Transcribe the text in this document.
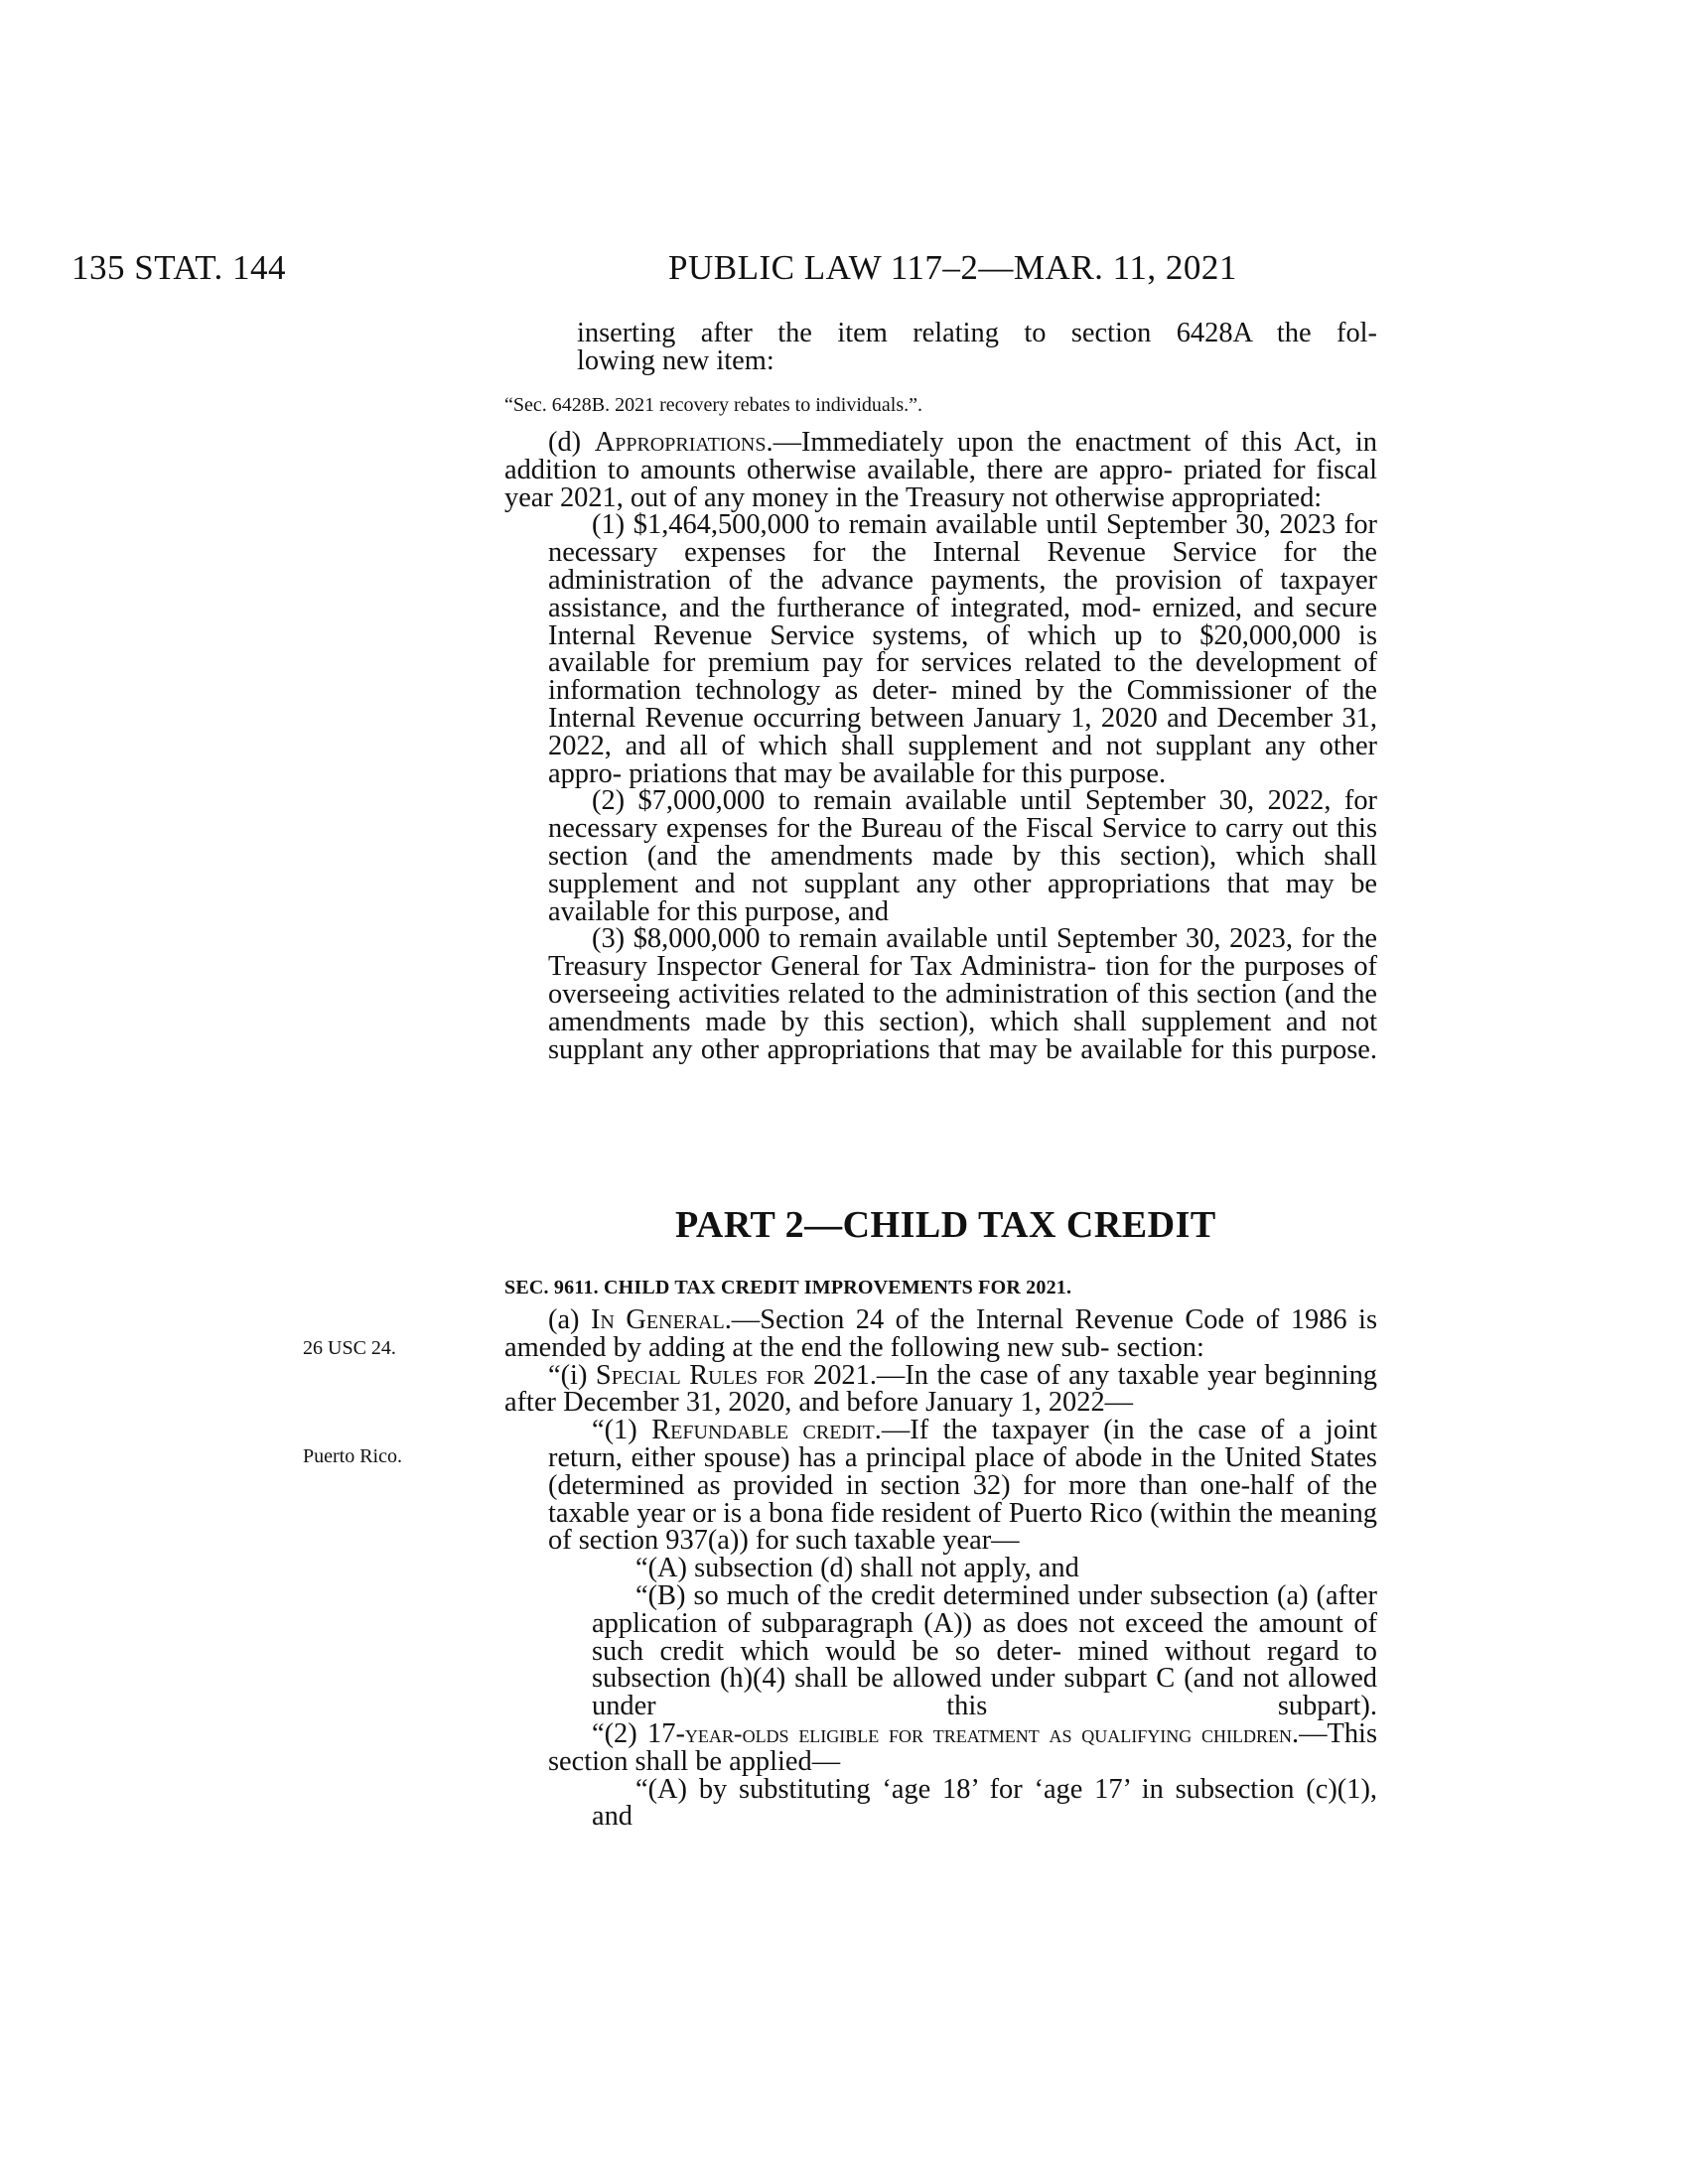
135 STAT. 144	PUBLIC LAW 117–2—MAR. 11, 2021

inserting after the item relating to section 6428A the fol-

lowing new item:

“Sec. 6428B. 2021 recovery rebates to individuals.”.

(d) Appropriations.—Immediately upon the enactment of this Act, in addition to amounts otherwise available, there are appro- priated for fiscal year 2021, out of any money in the Treasury not otherwise appropriated:

(1) $1,464,500,000 to remain available until September 30, 2023 for necessary expenses for the Internal Revenue Service for the administration of the advance payments, the provision of taxpayer assistance, and the furtherance of integrated, mod- ernized, and secure Internal Revenue Service systems, of which up to $20,000,000 is available for premium pay for services related to the development of information technology as deter- mined by the Commissioner of the Internal Revenue occurring between January 1, 2020 and December 31, 2022, and all of which shall supplement and not supplant any other appro- priations that may be available for this purpose.

(2) $7,000,000 to remain available until September 30, 2022, for necessary expenses for the Bureau of the Fiscal Service to carry out this section (and the amendments made by this section), which shall supplement and not supplant any other appropriations that may be available for this purpose, and

(3) $8,000,000 to remain available until September 30, 2023, for the Treasury Inspector General for Tax Administra- tion for the purposes of overseeing activities related to the administration of this section (and the amendments made by this section), which shall supplement and not supplant any other appropriations that may be available for this purpose.

PART 2—CHILD TAX CREDIT
SEC. 9611. CHILD TAX CREDIT IMPROVEMENTS FOR 2021.
26 USC 24.
Puerto Rico.

(a) In General.—Section 24 of the Internal Revenue Code of 1986 is amended by adding at the end the following new sub- section:

“(i) Special Rules for 2021.—In the case of any taxable year beginning after December 31, 2020, and before January 1, 2022—

“(1) Refundable credit.—If the taxpayer (in the case of a joint return, either spouse) has a principal place of abode in the United States (determined as provided in section 32) for more than one-half of the taxable year or is a bona fide resident of Puerto Rico (within the meaning of section 937(a)) for such taxable year—

“(A) subsection (d) shall not apply, and

“(B) so much of the credit determined under subsection (a) (after application of subparagraph (A)) as does not exceed the amount of such credit which would be so deter- mined without regard to subsection (h)(4) shall be allowed under subpart C (and not allowed under this subpart).

“(2) 17-year-olds eligible for treatment as qualifying children.—This section shall be applied—

“(A) by substituting ‘age 18’ for ‘age 17’ in subsection (c)(1), and
